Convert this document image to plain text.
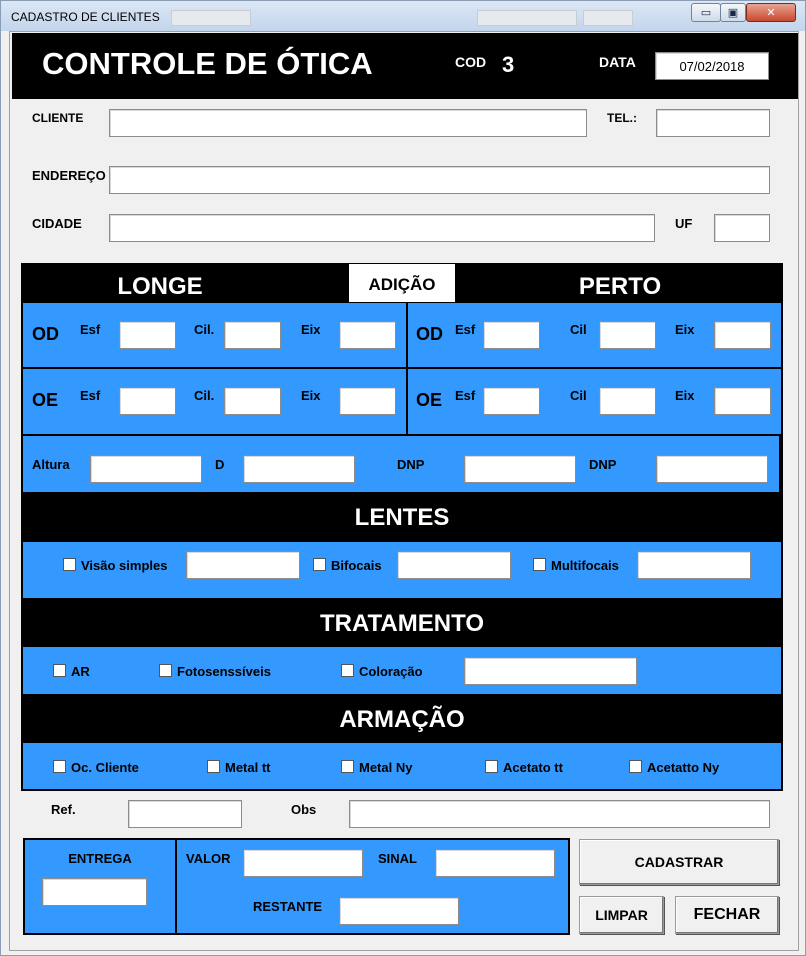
CADASTRO DE CLIENTES	▭	▣	✕
CONTROLE DE ÓTICA	COD 3	DATA	07/02/2018
CLIENTE	TEL.:
ENDEREÇO
CIDADE	UF
LONGE	ADIÇÃO	PERTO
OD Esf	Cil.	Eix	OD Esf	Cil	Eix
OE Esf	Cil.	Eix	OE Esf	Cil	Eix
Altura	D	DNP	DNP
LENTES
Visão simples	Bifocais	Multifocais
TRATAMENTO
AR	Fotosenssíveis	Coloração
ARMAÇÃO
Oc. Cliente	Metal tt	Metal Ny	Acetato tt	Acetatto Ny
Ref.	Obs
ENTREGA	VALOR	SINAL
RESTANTE
CADASTRAR
LIMPAR	FECHAR
